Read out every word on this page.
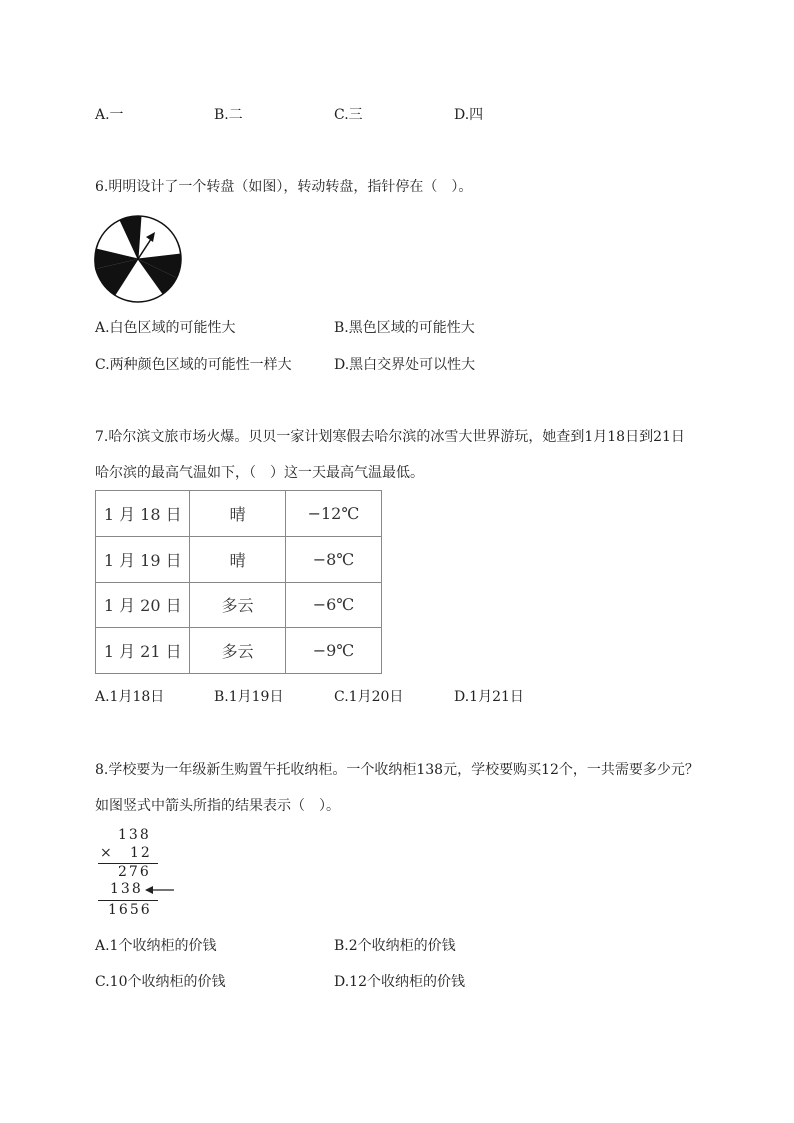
A.一	B.二	C.三	D.四
6.明明设计了一个转盘（如图），转动转盘，指针停在（　）。
A.白色区域的可能性大	B.黑色区域的可能性大
C.两种颜色区域的可能性一样大	D.黑白交界处可以性大
7.哈尔滨文旅市场火爆。贝贝一家计划寒假去哈尔滨的冰雪大世界游玩，她查到1月18日到21日
哈尔滨的最高气温如下，（　）这一天最高气温最低。
1 月 18 日	晴	−12℃
1 月 19 日	晴	−8℃
1 月 20 日	多云	−6℃
1 月 21 日	多云	−9℃
A.1月18日	B.1月19日	C.1月20日	D.1月21日
8.学校要为一年级新生购置午托收纳柜。一个收纳柜138元，学校要购买12个，一共需要多少元？
如图竖式中箭头所指的结果表示（　）。
138
× 12
276
138
1656
A.1个收纳柜的价钱	B.2个收纳柜的价钱
C.10个收纳柜的价钱	D.12个收纳柜的价钱
